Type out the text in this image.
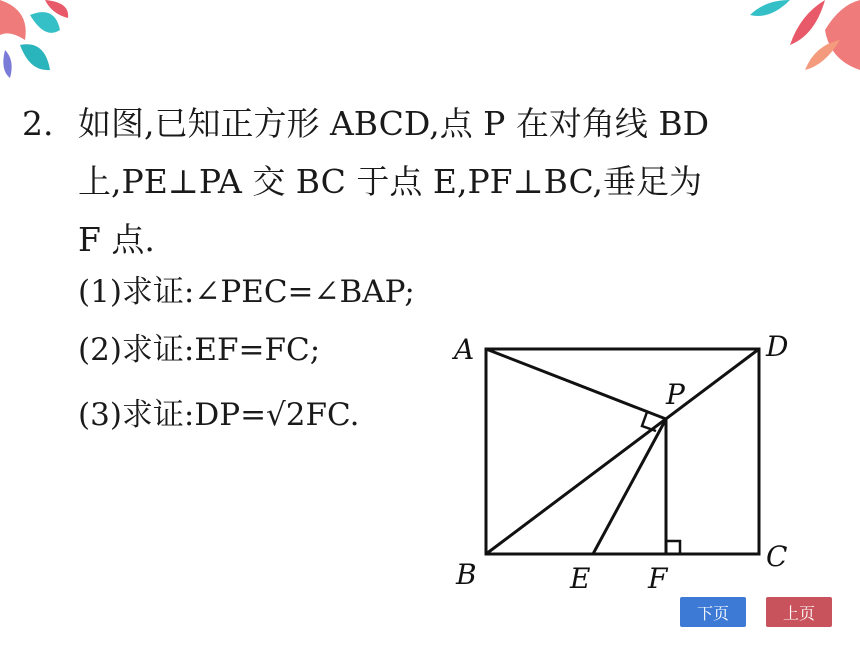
2. 如图,已知正方形 ABCD,点 P 在对角线 BD
上,PE⊥PA 交 BC 于点 E,PF⊥BC,垂足为
F 点.
(1)求证:∠PEC=∠BAP;
(2)求证:EF=FC;
(3)求证:DP=√2FC.
A	D
P
B	E F
C
下页	上页
